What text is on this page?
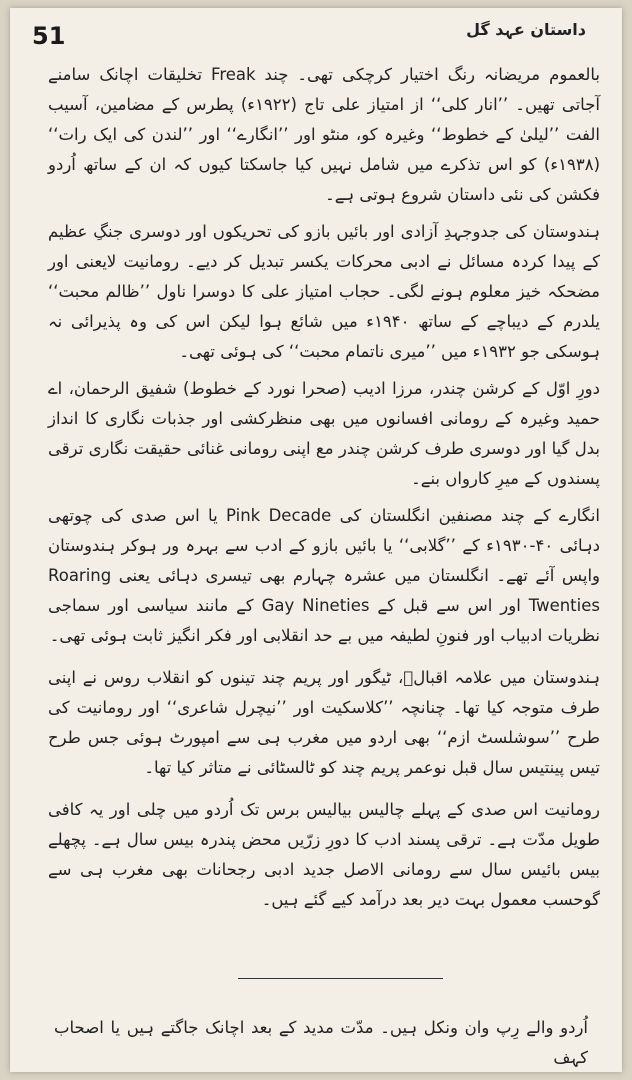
51	داستان عہد گل

بالعموم مریضانہ رنگ اختیار کرچکی تھی۔ چند Freak تخلیقات اچانک سامنے آجاتی تھیں۔ ’’انار کلی‘‘ از امتیاز علی تاج (۱۹۲۲ء) پطرس کے مضامین، آسیب الفت ’’لیلیٰ کے خطوط‘‘ وغیرہ کو، منٹو اور ’’انگارے‘‘ اور ’’لندن کی ایک رات‘‘ (۱۹۳۸ء) کو اس تذکرے میں شامل نہیں کیا جاسکتا کیوں کہ ان کے ساتھ اُردو فکشن کی نئی داستان شروع ہوتی ہے۔

ہندوستان کی جدوجہدِ آزادی اور بائیں بازو کی تحریکوں اور دوسری جنگِ عظیم کے پیدا کردہ مسائل نے ادبی محرکات یکسر تبدیل کر دیے۔ رومانیت لایعنی اور مضحکہ خیز معلوم ہونے لگی۔ حجاب امتیاز علی کا دوسرا ناول ’’ظالم محبت‘‘ یلدرم کے دیباچے کے ساتھ ۱۹۴۰ء میں شائع ہوا لیکن اس کی وہ پذیرائی نہ ہوسکی جو ۱۹۳۲ء میں ’’میری ناتمام محبت‘‘ کی ہوئی تھی۔

دورِ اوّل کے کرشن چندر، مرزا ادیب (صحرا نورد کے خطوط) شفیق الرحمان، اے حمید وغیرہ کے رومانی افسانوں میں بھی منظرکشی اور جذبات نگاری کا انداز بدل گیا اور دوسری طرف کرشن چندر مع اپنی رومانی غنائی حقیقت نگاری ترقی پسندوں کے میرِ کارواں بنے۔

انگارے کے چند مصنفین انگلستان کی Pink Decade یا اس صدی کی چوتھی دہائی ۴۰-۱۹۳۰ء کے ’’گلابی‘‘ یا بائیں بازو کے ادب سے بہرہ ور ہوکر ہندوستان واپس آئے تھے۔ انگلستان میں عشرہ چہارم بھی تیسری دہائی یعنی Roaring Twenties اور اس سے قبل کے Gay Nineties کے مانند سیاسی اور سماجی نظریات ادبیاب اور فنونِ لطیفہ میں بے حد انقلابی اور فکر انگیز ثابت ہوئی تھی۔

ہندوستان میں علامہ اقبالؔ، ٹیگور اور پریم چند تینوں کو انقلاب روس نے اپنی طرف متوجہ کیا تھا۔ چنانچہ ’’کلاسکیت اور ’’نیچرل شاعری‘‘ اور رومانیت کی طرح ’’سوشلسٹ ازم‘‘ بھی اردو میں مغرب ہی سے امپورٹ ہوئی جس طرح تیس پینتیس سال قبل نوعمر پریم چند کو ٹالسٹائی نے متاثر کیا تھا۔

رومانیت اس صدی کے پہلے چالیس بیالیس برس تک اُردو میں چلی اور یہ کافی طویل مدّت ہے۔ ترقی پسند ادب کا دورِ زرّیں محض پندرہ بیس سال ہے۔ پچھلے بیس بائیس سال سے رومانی الاصل جدید ادبی رجحانات بھی مغرب ہی سے گوحسب معمول بہت دیر بعد درآمد کیے گئے ہیں۔

اُردو والے رِپ وان ونکل ہیں۔ مدّت مدید کے بعد اچانک جاگتے ہیں یا اصحاب کہف
